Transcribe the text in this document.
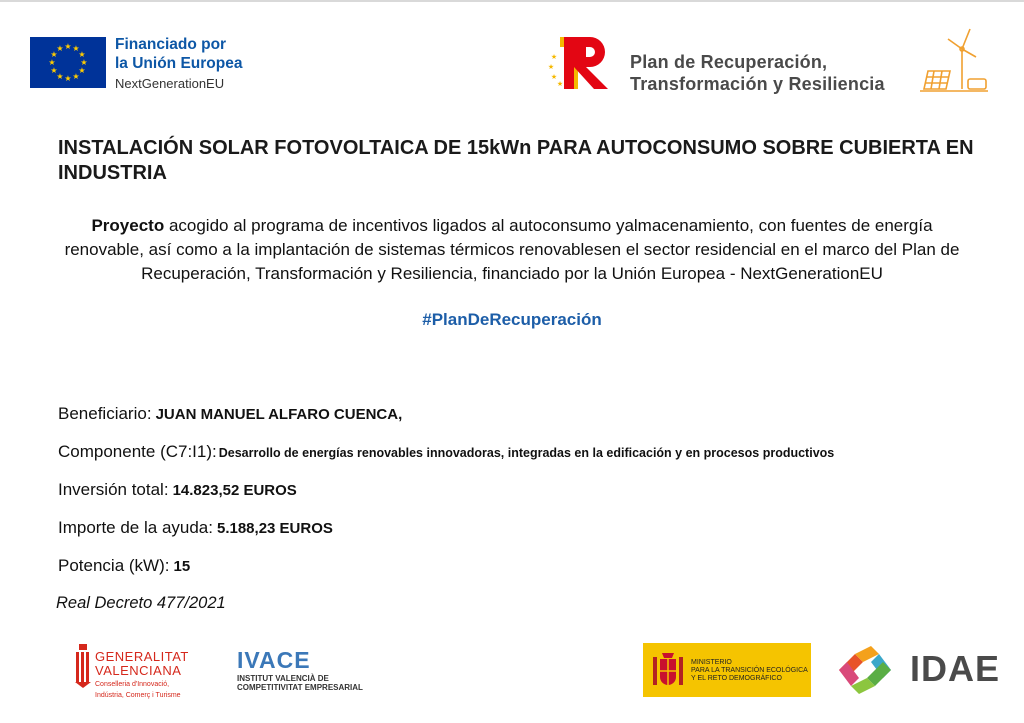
★ ★
★
★
★
★
★
★
★
★
★
★	Financiado por
la Unión Europea
NextGenerationEU
★
★
★
★
Plan de Recuperación,
Transformación y Resiliencia
INSTALACIÓN SOLAR FOTOVOLTAICA DE 15kWn PARA AUTOCONSUMO SOBRE CUBIERTA EN INDUSTRIA
Proyecto acogido al programa de incentivos ligados al autoconsumo yalmacenamiento, con fuentes de energía renovable, así como a la implantación de sistemas térmicos renovablesen el sector residencial en el marco del Plan de Recuperación, Transformación y Resiliencia, financiado por la Unión Europea - NextGenerationEU
#PlanDeRecuperación
Beneficiario: JUAN MANUEL ALFARO CUENCA,
Componente (C7:I1): Desarrollo de energías renovables innovadoras, integradas en la edificación y en procesos productivos
Inversión total: 14.823,52 EUROS
Importe de la ayuda: 5.188,23 EUROS
Potencia (kW): 15
Real Decreto 477/2021
GENERALITAT
VALENCIANA
Conselleria d'Innovació,
Indústria, Comerç i Turisme
IVACE
INSTITUT VALENCIÀ DE
COMPETITIVITAT EMPRESARIAL
MINISTERIO
PARA LA TRANSICIÓN ECOLÓGICA
Y EL RETO DEMOGRÁFICO	IDAE
